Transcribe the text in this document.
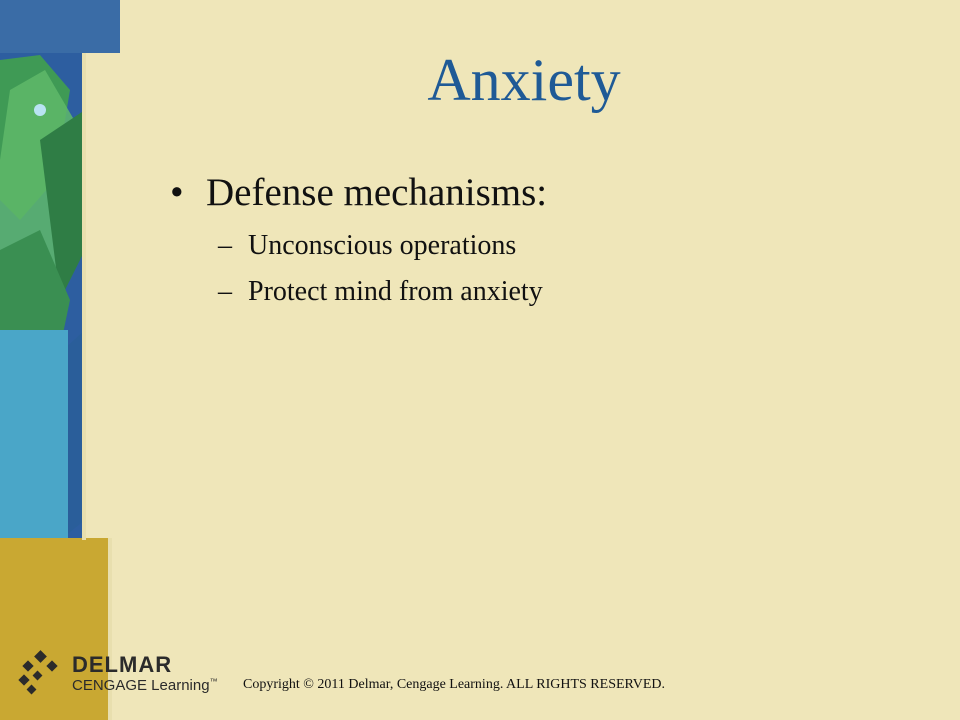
Anxiety
• Defense mechanisms:
– Unconscious operations
– Protect mind from anxiety
DELMAR
CENGAGE Learning™ Copyright © 2011 Delmar, Cengage Learning. ALL RIGHTS RESERVED.
